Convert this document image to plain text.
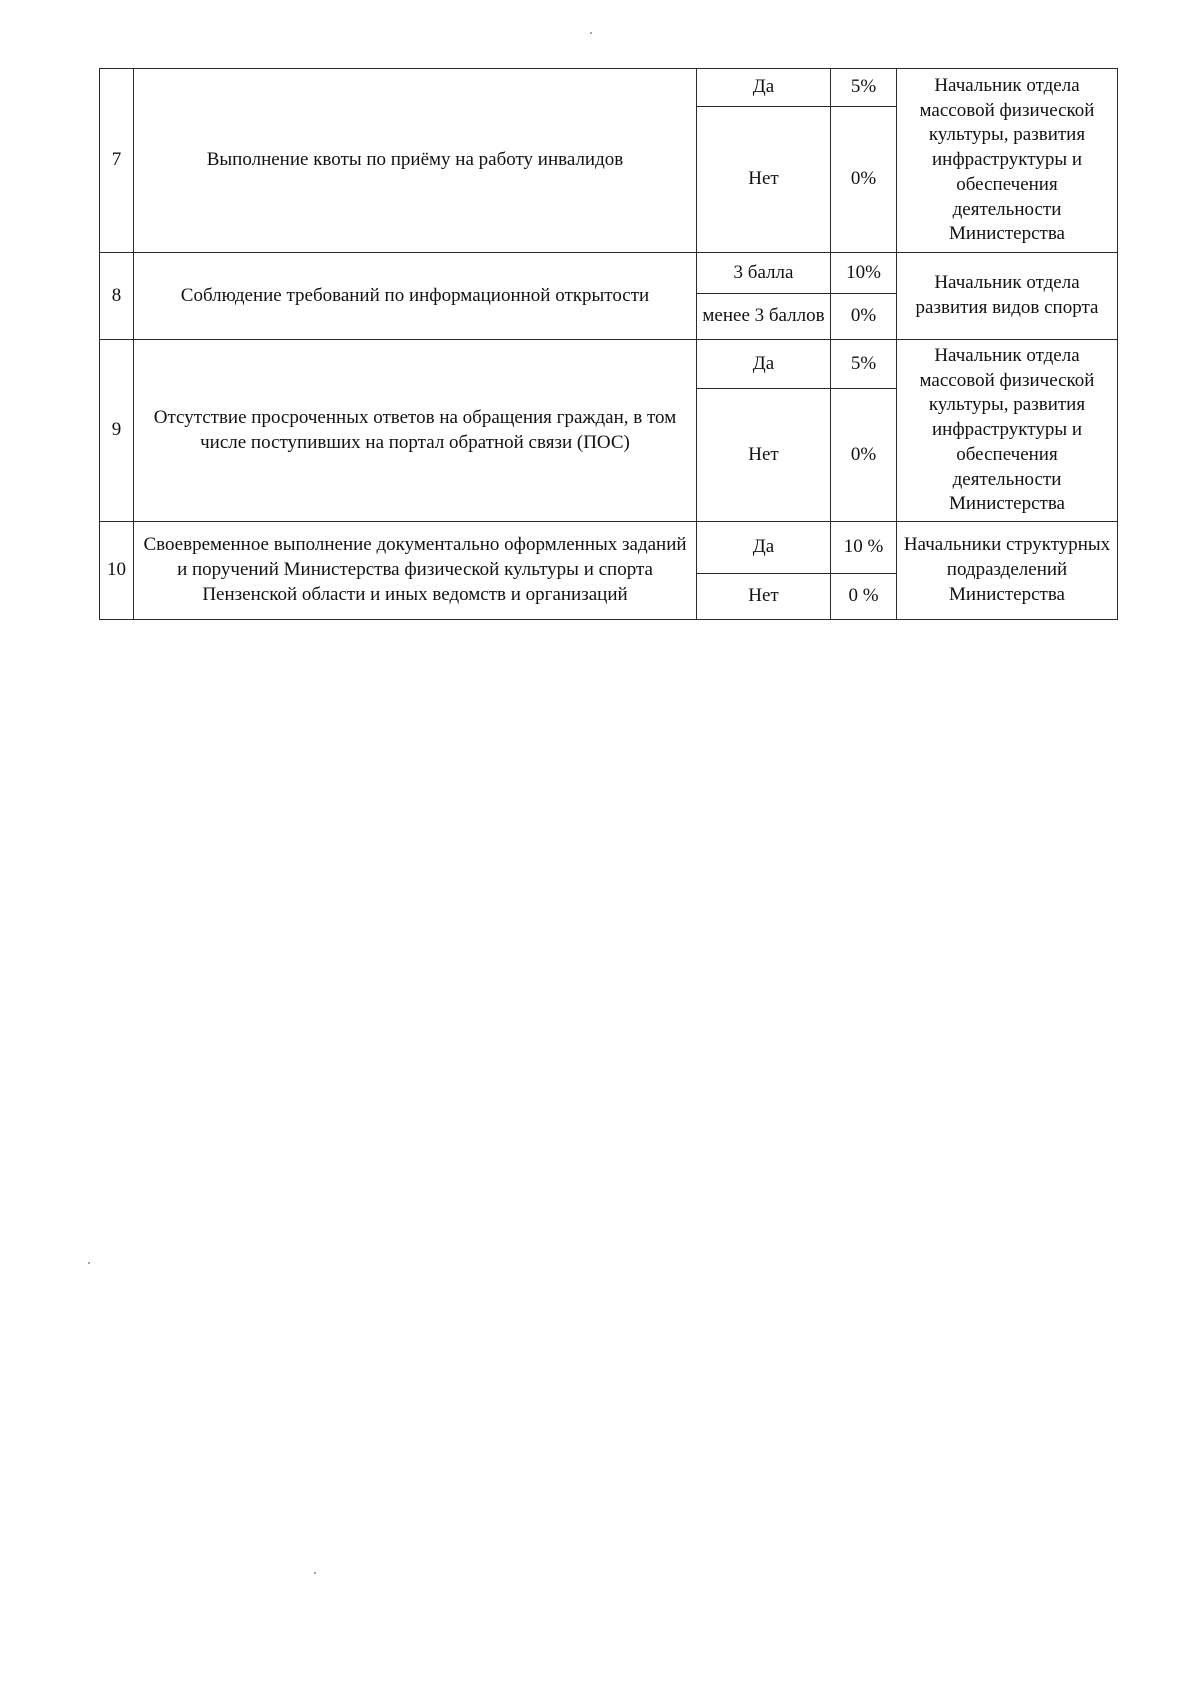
7	Выполнение квоты по приёму на работу инвалидов	Да	5%	Начальник отдела массовой физической культуры, развития инфраструктуры и обеспечения деятельности Министерства
		Нет	0%	
8	Соблюдение требований по информационной открытости	3 балла	10%	Начальник отдела развития видов спорта
		менее 3 баллов	0%	
9	Отсутствие просроченных ответов на обращения граждан, в том числе поступивших на портал обратной связи (ПОС)	Да	5%	Начальник отдела массовой физической культуры, развития инфраструктуры и обеспечения деятельности Министерства
		Нет	0%	
10	Своевременное выполнение документально оформленных заданий и поручений Министерства физической культуры и спорта Пензенской области и иных ведомств и организаций	Да	10 %	Начальники структурных подразделений Министерства
		Нет	0 %	
